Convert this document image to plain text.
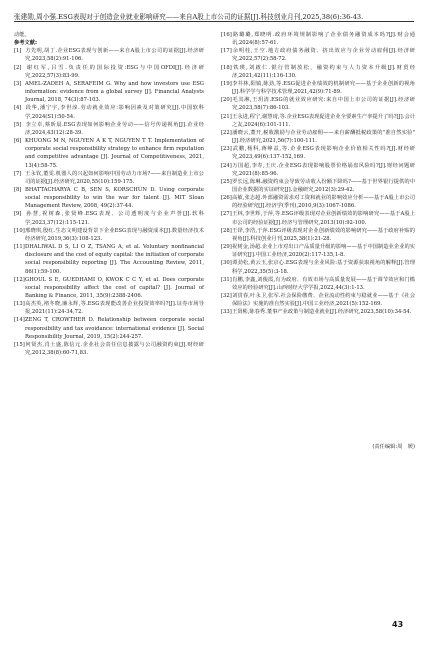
张建勋,周小强.ESG表现对于创造企业就业影响研究——来自A股上市公司的证据[J].科技创业月刊,2025,38(6):36-43.

动能。

参考文献:

[1] 方先明,胡丁.企业ESG表现与创新——来自A股上市公司的证据[J].经济研究,2023,58(2):91-106.

[2] 谢红军,吕雪.负责任的国际投资:ESG与中国OFDI[J].经济研究,2022,57(3):83-99.

[3] AMEL-ZADEH A, SERAFEIM G. Why and how investors use ESG information: evidence from a global survey [J]. Financial Analysts Journal, 2018, 74(3):87-103.

[4] 段华,潘宁宇,李世淳.劳动就业效应:影响因素及对策研究[J].中国软科学,2024(S1):50-54.

[5] 李立卓,蔡昕晨.ESG表现如何影响企业劳动——信号传递视角[J].企业经济,2024,43(12):28-39.

[6] KHUONG M N, NGUYEN A K T, NGUYEN T T. Implementation of corporate social responsibility strategy to enhance firm reputation and competitive advantage [J]. Journal of Competitiveness, 2021, 13(4):58-75.

[7] 王永钦,董雯.机器人的兴起如何影响中国劳动力市场?——来自制造业上市公司的证据[J].经济研究,2020,55(10):159-175.

[8] BHATTACHARYA C B, SEN S, KORSCHUN D. Using corporate social responsibility to win the war for talent [J]. MIT Sloan Management Review, 2008, 49(2):37-44.

[9] 孙慧,祝树森,张贤峰.ESG表现、公司透明度与企业声誉[J].软科学,2023,37(12):115-121.

[10]邢晓琪,殷红.生态文明建设背景下企业ESG表现与融资成本[J].数量经济技术经济研究,2019,36(3):108-123.

[11]DHALIWAL D S, LI O Z, TSANG A, et al. Voluntary nonfinancial disclosure and the cost of equity capital: the initiation of corporate social responsibility reporting [J]. The Accounting Review, 2011, 86(1):59-100.

[12]GHOUL S E, GUEDHAMI O, KWOK C C Y, et al. Does corporate social responsibility affect the cost of capital? [J]. Journal of Banking & Finance, 2011, 35(9):2388-2406.

[13]高杰英,褚冬晓,廉永辉,等.ESG表现能改善企业投资效率吗?[J].证券市场导报,2021(11):24-34,72.

[14]ZENG T, CROWTHER D. Relationship between corporate social responsibility and tax avoidance: international evidence [J]. Social Responsibility Journal, 2019, 15(2):244-257.

[15]何贤杰,肖土盛,陈信元.企业社会责任信息披露与公司融资约束[J].财经研究,2012,38(8):60-71,83.

[16]路璐璐,郑晓明.政府环境规制影响了企业债务融资成本吗?[J].财会通讯,2024(8):57-61.

[17]余明桂,王空.地方政府债务融资、挤出效应与企业劳动雇佣[J].经济研究,2022,57(2):58-72.

[18]铁瑛,刘啟仁.银行管制放松、融资约束与人力资本升级[J].财贸经济,2021,42(11):116-130.

[19]李井林,阳镇,陈劲,等.ESG促进企业绩效的机制研究——基于企业创新的视角[J].科学学与科学技术管理,2021,42(9):71-89.

[20]毛其淋,王玥清.ESG的就业效应研究:来自中国上市公司的证据[J].经济研究,2023,58(7):86-103.

[21]王永进,程宁,谢慧琦,等.企业ESG表现促进企业全要素生产率提升了吗?[J].会计之友,2024(6):101-111.

[22]潘晓云,董开,税收激励与企业劳动雇佣——来自薪酬抵税政策的"准自然实验"[J].经济研究,2021,56(7):100-111.

[23]武鹏,杨科,蒋峥益,等.企业ESG表现影响企业价值相关性吗?[J].财经研究,2023,49(6):137-152,169.

[24]万国超,李寿,王庆.企业ESG表现影响股票价格崩盘风险吗?[J].财经问题研究,2021(8):85-96.

[25]罗长远,陈琳.融资约束会导致劳动收入份额下降吗?——基于世界银行提供的中国企业数据的实证研究[J].金融研究,2012(3):29-42.

[26]高敏,张志超.外部融资需求对工资和就业的影响效应分析——基于A股上市公司的经验研究[J].经济学(季刊),2010,9(3):1067-1086.

[27]王林,李世辉,于萍,等.ESG评级表现对企业创新绩效的影响研究——基于A股上市公司的经验证据[J].经济与管理研究,2013(10):92-100.

[28]王铎,李浩,于萍.ESG评级表现对企业创新绩效的影响研究——基于政府补贴的视角[J].科技创业月刊,2025,38(1):21-28.

[29]祝树金,汤超.企业上市对出口产品质量升级的影响——基于中国制造业企业的实证研究[J].中国工业经济,2020(2):117-135,1-8.

[30]谭劲松,黄云玉,张京心.ESG表现与企业风险:基于资源获取视角的解释[J].管理科学,2022,35(5):3-18.

[31]肖鹏,李鑫,刘俊霞,有为政府、有效市场与高质量发展——基于调节效应和门槛效应的经验研究[J].山西财经大学学报,2022,44(3):1-13.

[32]刘贯春,叶永卫,张军.社会保险缴费、企业流动性约束与稳就业——基于《社会保险法》实施的准自然实验[J].中国工业经济,2021(5):152-169.

[33]王贤彬,陈春秀.董事产业政策与制造业就业[J].经济研究,2023,58(10):34-54.

(责任编辑:周　媛)
43
